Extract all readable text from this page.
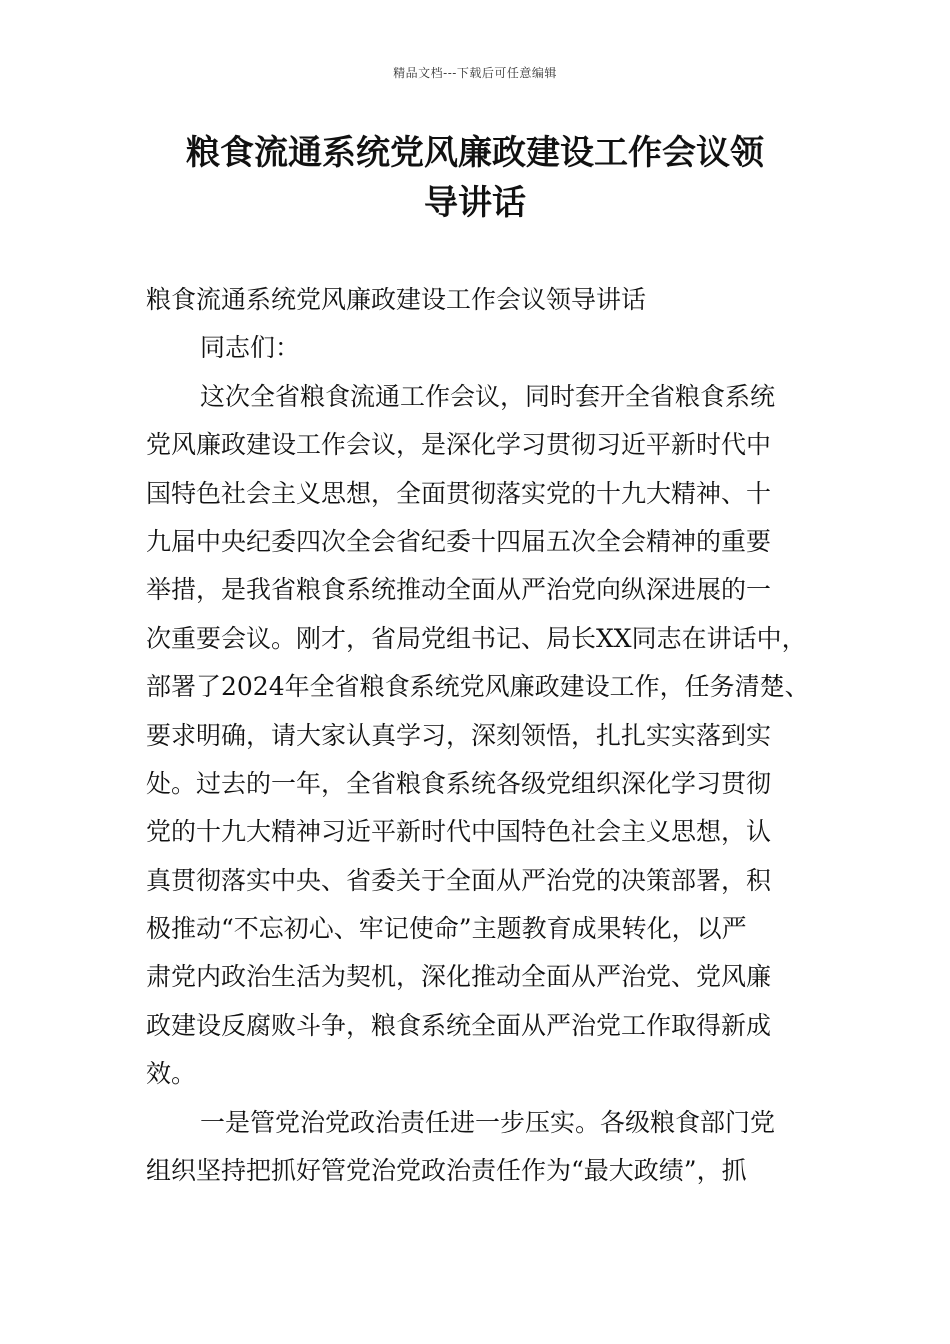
精品文档---下载后可任意编辑
粮食流通系统党风廉政建设工作会议领
导讲话
粮食流通系统党风廉政建设工作会议领导讲话
同志们：
这次全省粮食流通工作会议，同时套开全省粮食系统
党风廉政建设工作会议，是深化学习贯彻习近平新时代中
国特色社会主义思想，全面贯彻落实党的十九大精神、十
九届中央纪委四次全会省纪委十四届五次全会精神的重要
举措，是我省粮食系统推动全面从严治党向纵深进展的一
次重要会议。刚才，省局党组书记、局长XX同志在讲话中，
部署了2024年全省粮食系统党风廉政建设工作，任务清楚、
要求明确，请大家认真学习，深刻领悟，扎扎实实落到实
处。过去的一年，全省粮食系统各级党组织深化学习贯彻
党的十九大精神习近平新时代中国特色社会主义思想，认
真贯彻落实中央、省委关于全面从严治党的决策部署，积
极推动“不忘初心、牢记使命”主题教育成果转化，以严
肃党内政治生活为契机，深化推动全面从严治党、党风廉
政建设反腐败斗争，粮食系统全面从严治党工作取得新成
效。
一是管党治党政治责任进一步压实。各级粮食部门党
组织坚持把抓好管党治党政治责任作为“最大政绩”，抓
